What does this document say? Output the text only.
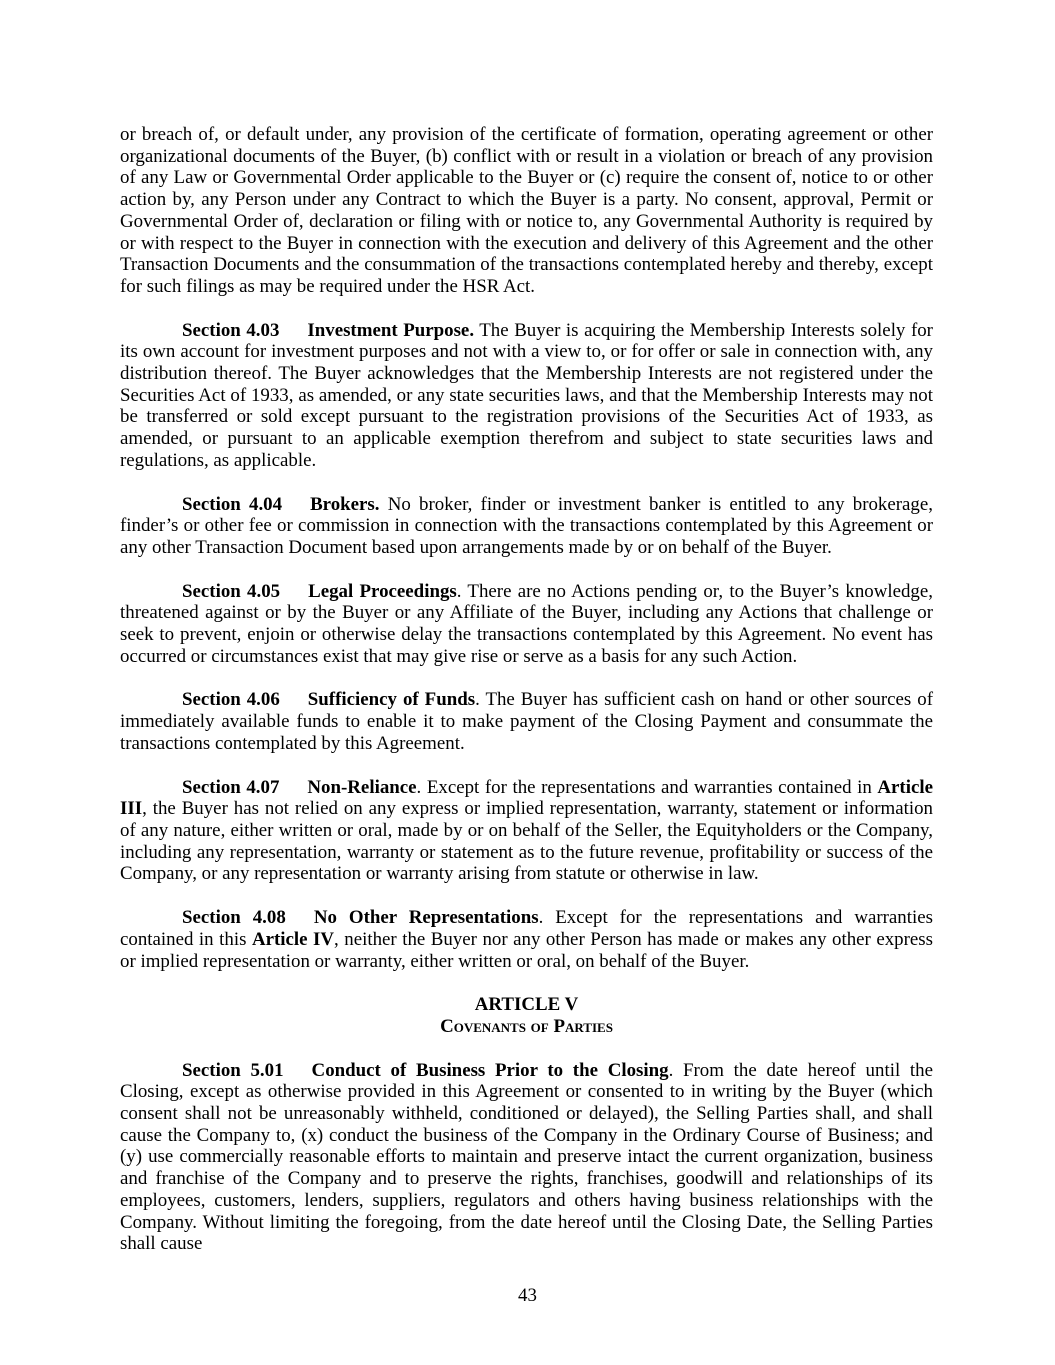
or breach of, or default under, any provision of the certificate of formation, operating agreement or other organizational documents of the Buyer, (b) conflict with or result in a violation or breach of any provision of any Law or Governmental Order applicable to the Buyer or (c) require the consent of, notice to or other action by, any Person under any Contract to which the Buyer is a party. No consent, approval, Permit or Governmental Order of, declaration or filing with or notice to, any Governmental Authority is required by or with respect to the Buyer in connection with the execution and delivery of this Agreement and the other Transaction Documents and the consummation of the transactions contemplated hereby and thereby, except for such filings as may be required under the HSR Act.

Section 4.03 Investment Purpose. The Buyer is acquiring the Membership Interests solely for its own account for investment purposes and not with a view to, or for offer or sale in connection with, any distribution thereof. The Buyer acknowledges that the Membership Interests are not registered under the Securities Act of 1933, as amended, or any state securities laws, and that the Membership Interests may not be transferred or sold except pursuant to the registration provisions of the Securities Act of 1933, as amended, or pursuant to an applicable exemption therefrom and subject to state securities laws and regulations, as applicable.

Section 4.04 Brokers. No broker, finder or investment banker is entitled to any brokerage, finder’s or other fee or commission in connection with the transactions contemplated by this Agreement or any other Transaction Document based upon arrangements made by or on behalf of the Buyer.

Section 4.05 Legal Proceedings. There are no Actions pending or, to the Buyer’s knowledge, threatened against or by the Buyer or any Affiliate of the Buyer, including any Actions that challenge or seek to prevent, enjoin or otherwise delay the transactions contemplated by this Agreement. No event has occurred or circumstances exist that may give rise or serve as a basis for any such Action.

Section 4.06 Sufficiency of Funds. The Buyer has sufficient cash on hand or other sources of immediately available funds to enable it to make payment of the Closing Payment and consummate the transactions contemplated by this Agreement.

Section 4.07 Non-Reliance. Except for the representations and warranties contained in Article III, the Buyer has not relied on any express or implied representation, warranty, statement or information of any nature, either written or oral, made by or on behalf of the Seller, the Equityholders or the Company, including any representation, warranty or statement as to the future revenue, profitability or success of the Company, or any representation or warranty arising from statute or otherwise in law.

Section 4.08 No Other Representations. Except for the representations and warranties contained in this Article IV, neither the Buyer nor any other Person has made or makes any other express or implied representation or warranty, either written or oral, on behalf of the Buyer.

ARTICLE V
Covenants of Parties

Section 5.01 Conduct of Business Prior to the Closing. From the date hereof until the Closing, except as otherwise provided in this Agreement or consented to in writing by the Buyer (which consent shall not be unreasonably withheld, conditioned or delayed), the Selling Parties shall, and shall cause the Company to, (x) conduct the business of the Company in the Ordinary Course of Business; and (y) use commercially reasonable efforts to maintain and preserve intact the current organization, business and franchise of the Company and to preserve the rights, franchises, goodwill and relationships of its employees, customers, lenders, suppliers, regulators and others having business relationships with the Company. Without limiting the foregoing, from the date hereof until the Closing Date, the Selling Parties shall cause

43
